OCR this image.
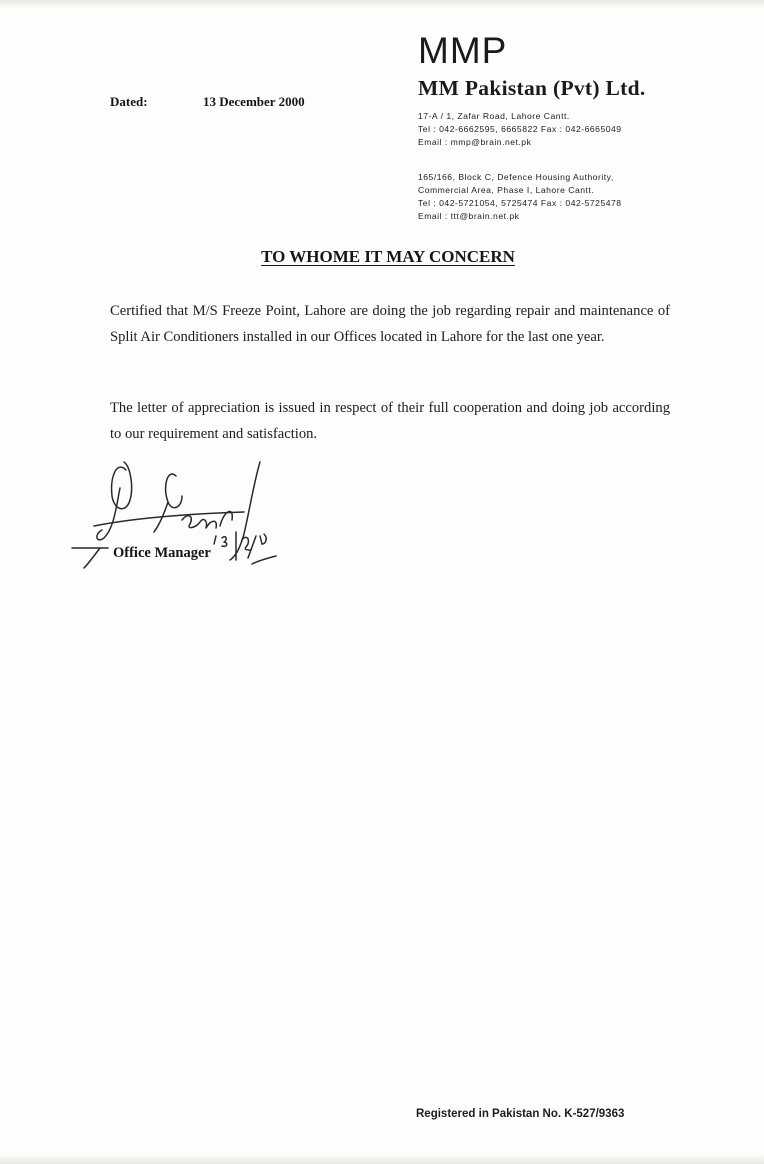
MMP
MM Pakistan (Pvt) Ltd.
17-A / 1, Zafar Road, Lahore Cantt.
Tel : 042-6662595, 6665822 Fax : 042-6665049
Email : mmp@brain.net.pk
165/166, Block C, Defence Housing Authority,
Commercial Area, Phase I, Lahore Cantt.
Tel : 042-5721054, 5725474 Fax : 042-5725478
Email : ttt@brain.net.pk
Dated:	13 December 2000
TO WHOME IT MAY CONCERN
Certified that M/S Freeze Point, Lahore are doing the job regarding repair and maintenance of Split Air Conditioners installed in our Offices located in Lahore for the last one year.
The letter of appreciation is issued in respect of their full cooperation and doing job according to our requirement and satisfaction.
Office Manager
Registered in Pakistan No. K-527/9363
